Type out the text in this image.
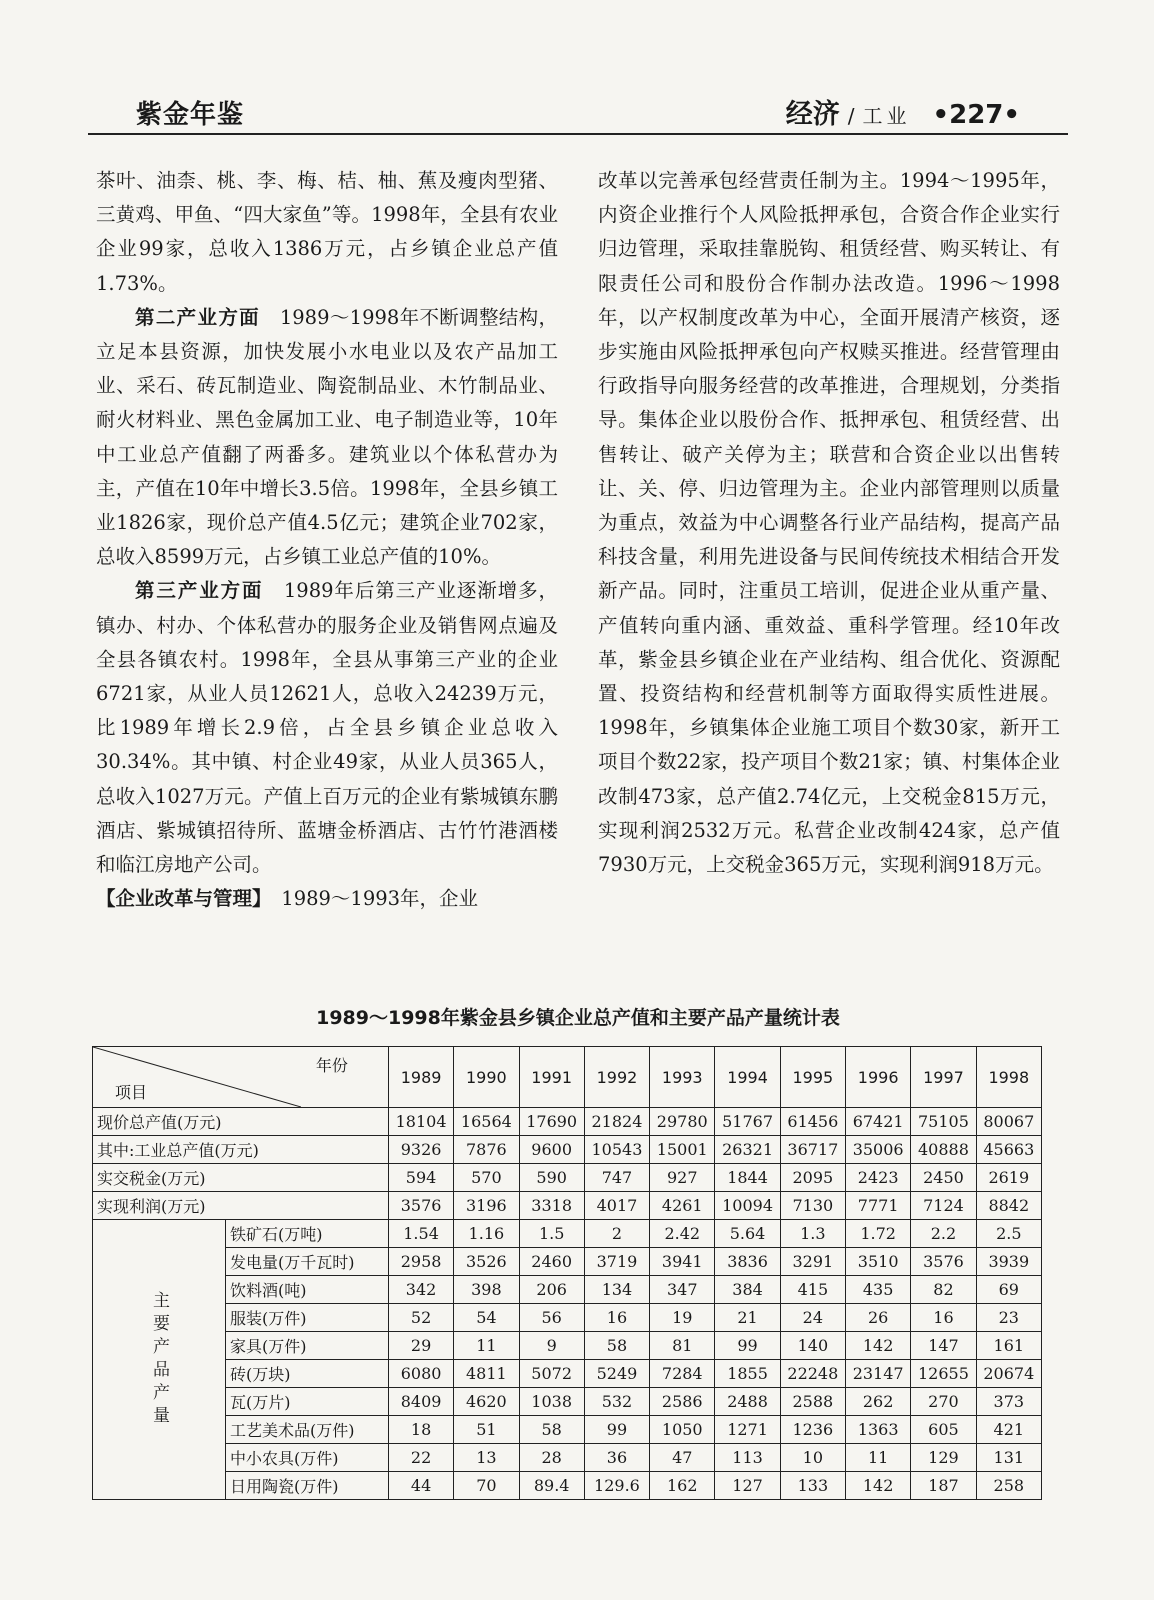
紫金年鉴	经济 / 工业 •227•

茶叶、油柰、桃、李、梅、桔、柚、蕉及瘦肉型猪、三黄鸡、甲鱼、“四大家鱼”等。1998年，全县有农业企业99家，总收入1386万元，占乡镇企业总产值1.73%。

第二产业方面　 1989～1998年不断调整结构，立足本县资源，加快发展小水电业以及农产品加工业、采石、砖瓦制造业、陶瓷制品业、木竹制品业、耐火材料业、黑色金属加工业、电子制造业等，10年中工业总产值翻了两番多。建筑业以个体私营办为主，产值在10年中增长3.5倍。1998年，全县乡镇工业1826家，现价总产值4.5亿元；建筑企业702家，总收入8599万元，占乡镇工业总产值的10%。

第三产业方面　 1989年后第三产业逐渐增多，镇办、村办、个体私营办的服务企业及销售网点遍及全县各镇农村。1998年，全县从事第三产业的企业6721家，从业人员12621人，总收入24239万元，比1989年增长2.9倍，占全县乡镇企业总收入30.34%。其中镇、村企业49家，从业人员365人，总收入1027万元。产值上百万元的企业有紫城镇东鹏酒店、紫城镇招待所、蓝塘金桥酒店、古竹竹港酒楼和临江房地产公司。

【企业改革与管理】　 1989～1993年，企业

改革以完善承包经营责任制为主。1994～1995年，内资企业推行个人风险抵押承包，合资合作企业实行归边管理，采取挂靠脱钩、租赁经营、购买转让、有限责任公司和股份合作制办法改造。1996～1998年，以产权制度改革为中心，全面开展清产核资，逐步实施由风险抵押承包向产权赎买推进。经营管理由行政指导向服务经营的改革推进，合理规划，分类指导。集体企业以股份合作、抵押承包、租赁经营、出售转让、破产关停为主；联营和合资企业以出售转让、关、停、归边管理为主。企业内部管理则以质量为重点，效益为中心调整各行业产品结构，提高产品科技含量，利用先进设备与民间传统技术相结合开发新产品。同时，注重员工培训，促进企业从重产量、产值转向重内涵、重效益、重科学管理。经10年改革，紫金县乡镇企业在产业结构、组合优化、资源配置、投资结构和经营机制等方面取得实质性进展。1998年，乡镇集体企业施工项目个数30家，新开工项目个数22家，投产项目个数21家；镇、村集体企业改制473家，总产值2.74亿元，上交税金815万元，实现利润2532万元。私营企业改制424家，总产值7930万元，上交税金365万元，实现利润918万元。

1989～1998年紫金县乡镇企业总产值和主要产品产量统计表
年份
项目		1989	1990	1991	1992	1993	1994	1995	1996	1997	1998
现价总产值(万元)		18104	16564	17690	21824	29780	51767	61456	67421	75105	80067
其中:工业总产值(万元)		9326	7876	9600	10543	15001	26321	36717	35006	40888	45663
实交税金(万元)		594	570	590	747	927	1844	2095	2423	2450	2619
实现利润(万元)		3576	3196	3318	4017	4261	10094	7130	7771	7124	8842
主要产品产量	铁矿石(万吨)	1.54	1.16	1.5	2	2.42	5.64	1.3	1.72	2.2	2.5
	发电量(万千瓦时)	2958	3526	2460	3719	3941	3836	3291	3510	3576	3939
	饮料酒(吨)	342	398	206	134	347	384	415	435	82	69
	服装(万件)	52	54	56	16	19	21	24	26	16	23
	家具(万件)	29	11	9	58	81	99	140	142	147	161
	砖(万块)	6080	4811	5072	5249	7284	1855	22248	23147	12655	20674
	瓦(万片)	8409	4620	1038	532	2586	2488	2588	262	270	373
	工艺美术品(万件)	18	51	58	99	1050	1271	1236	1363	605	421
	中小农具(万件)	22	13	28	36	47	113	10	11	129	131
	日用陶瓷(万件)	44	70	89.4	129.6	162	127	133	142	187	258
